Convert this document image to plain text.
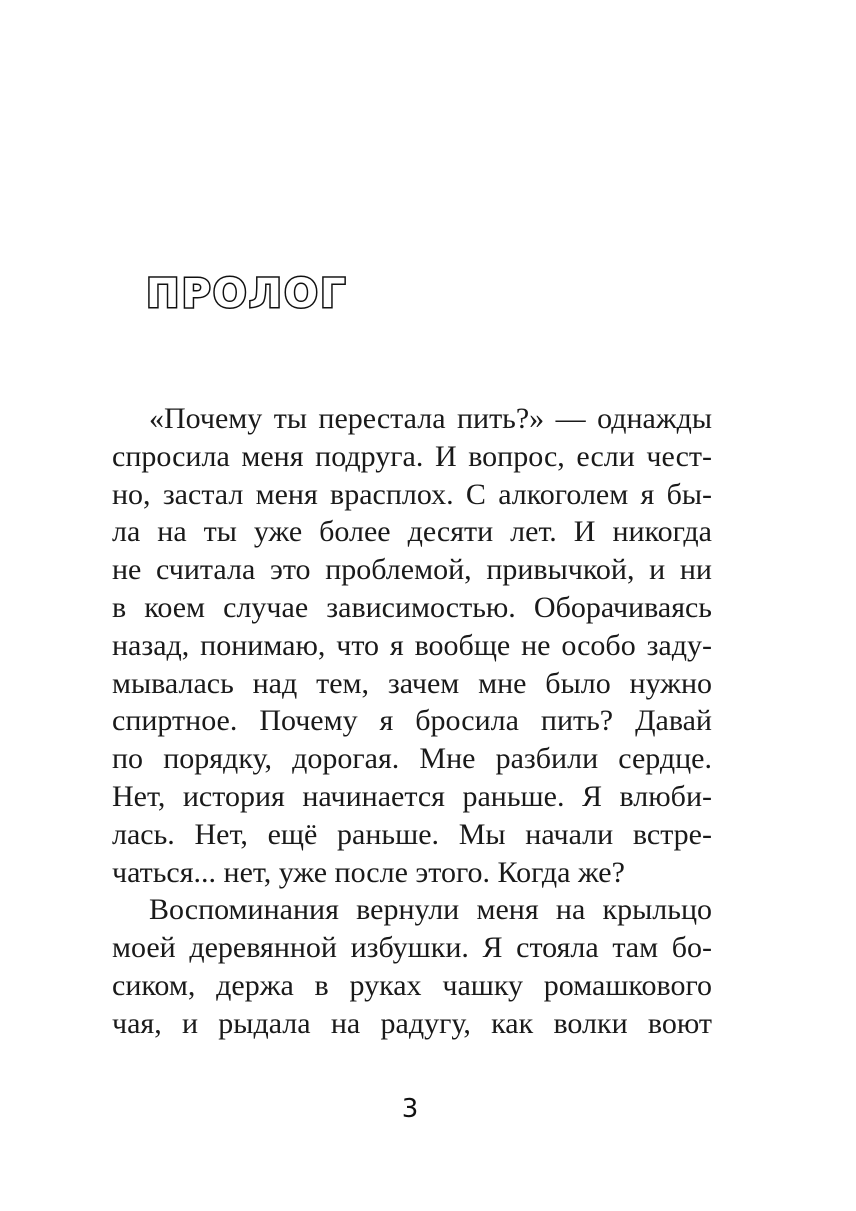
ПРОЛОГ
«Почему ты перестала пить?» — однажды
спросила меня подруга. И вопрос, если чест-
но, застал меня врасплох. С алкоголем я бы-
ла на ты уже более десяти лет. И никогда
не считала это проблемой, привычкой, и ни
в коем случае зависимостью. Оборачиваясь
назад, понимаю, что я вообще не особо заду-
мывалась над тем, зачем мне было нужно
спиртное. Почему я бросила пить? Давай
по порядку, дорогая. Мне разбили сердце.
Нет, история начинается раньше. Я влюби-
лась. Нет, ещё раньше. Мы начали встре-
чаться... нет, уже после этого. Когда же?
Воспоминания вернули меня на крыльцо
моей деревянной избушки. Я стояла там бо-
сиком, держа в руках чашку ромашкового
чая, и рыдала на радугу, как волки воют
3
